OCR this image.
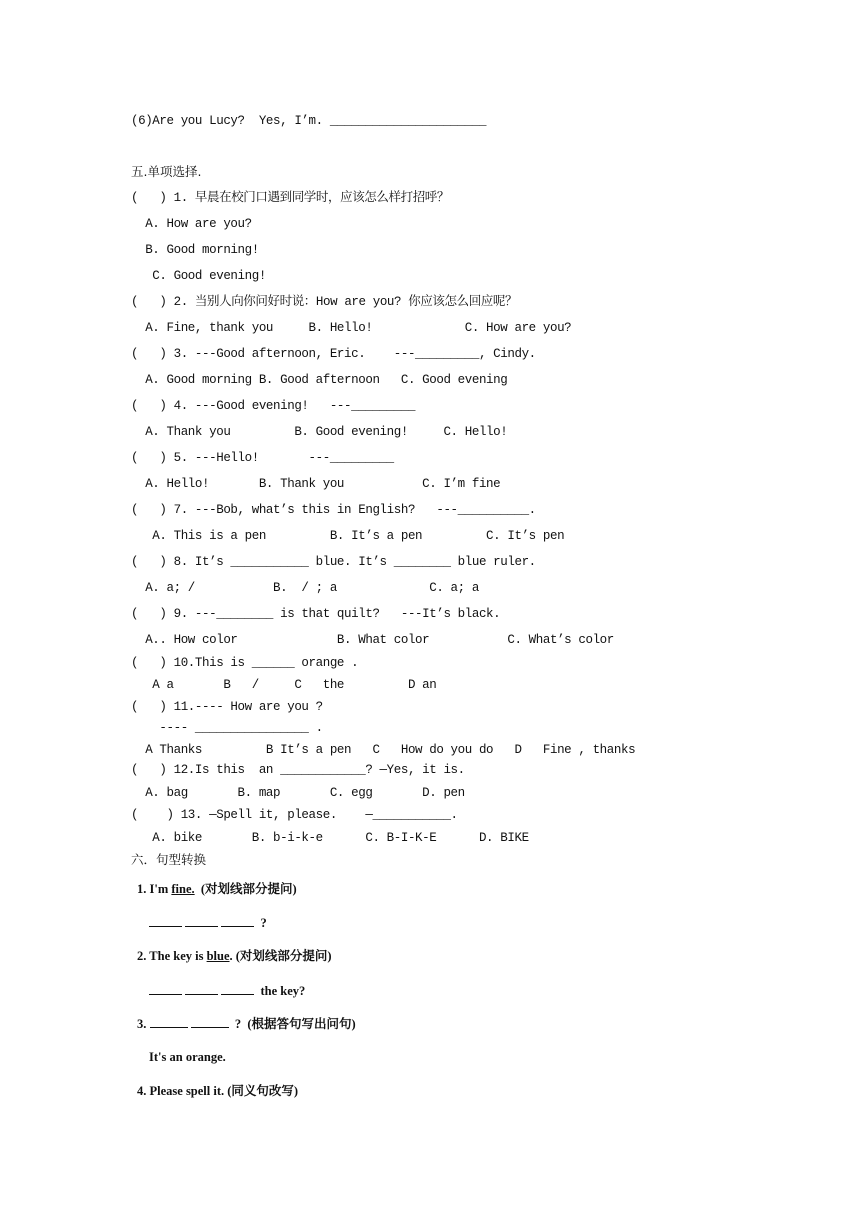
(6)Are you Lucy?  Yes, I’m. ______________________
五.单项选择.
(   ) 1. 早晨在校门口遇到同学时，应该怎么样打招呼？
A. How are you?
B. Good morning!
C. Good evening!
(   ) 2. 当别人向你问好时说：How are you? 你应该怎么回应呢？
A. Fine, thank you     B. Hello!             C. How are you?
(   ) 3. ---Good afternoon, Eric.    ---_________, Cindy.
A. Good morning B. Good afternoon   C. Good evening
(   ) 4. ---Good evening!   ---_________
A. Thank you         B. Good evening!     C. Hello!
(   ) 5. ---Hello!       ---_________
A. Hello!       B. Thank you           C. I’m fine
(   ) 7. ---Bob, what’s this in English?   ---__________.
A. This is a pen         B. It’s a pen         C. It’s pen
(   ) 8. It’s ___________ blue. It’s ________ blue ruler.
A. a; /           B.  / ; a             C. a; a
(   ) 9. ---________ is that quilt?   ---It’s black.
A.. How color              B. What color           C. What’s color
(   ) 10.This is ______ orange .
A a       B   /     C   the         D an
(   ) 11.---- How are you ?
---- ________________ .
A Thanks         B It’s a pen   C   How do you do   D   Fine , thanks
(   ) 12.Is this  an ____________? —Yes, it is.
A. bag       B. map       C. egg       D. pen
(    ) 13. —Spell it, please.    —___________.
A. bike       B. b-i-k-e      C. B-I-K-E      D. BIKE
六．句型转换
1. I'm fine.  (对划线部分提问)
?
2. The key is blue. (对划线部分提问)
the key?
3.	?  (根据答句写出问句)
It's an orange.
4. Please spell it. (同义句改写)
